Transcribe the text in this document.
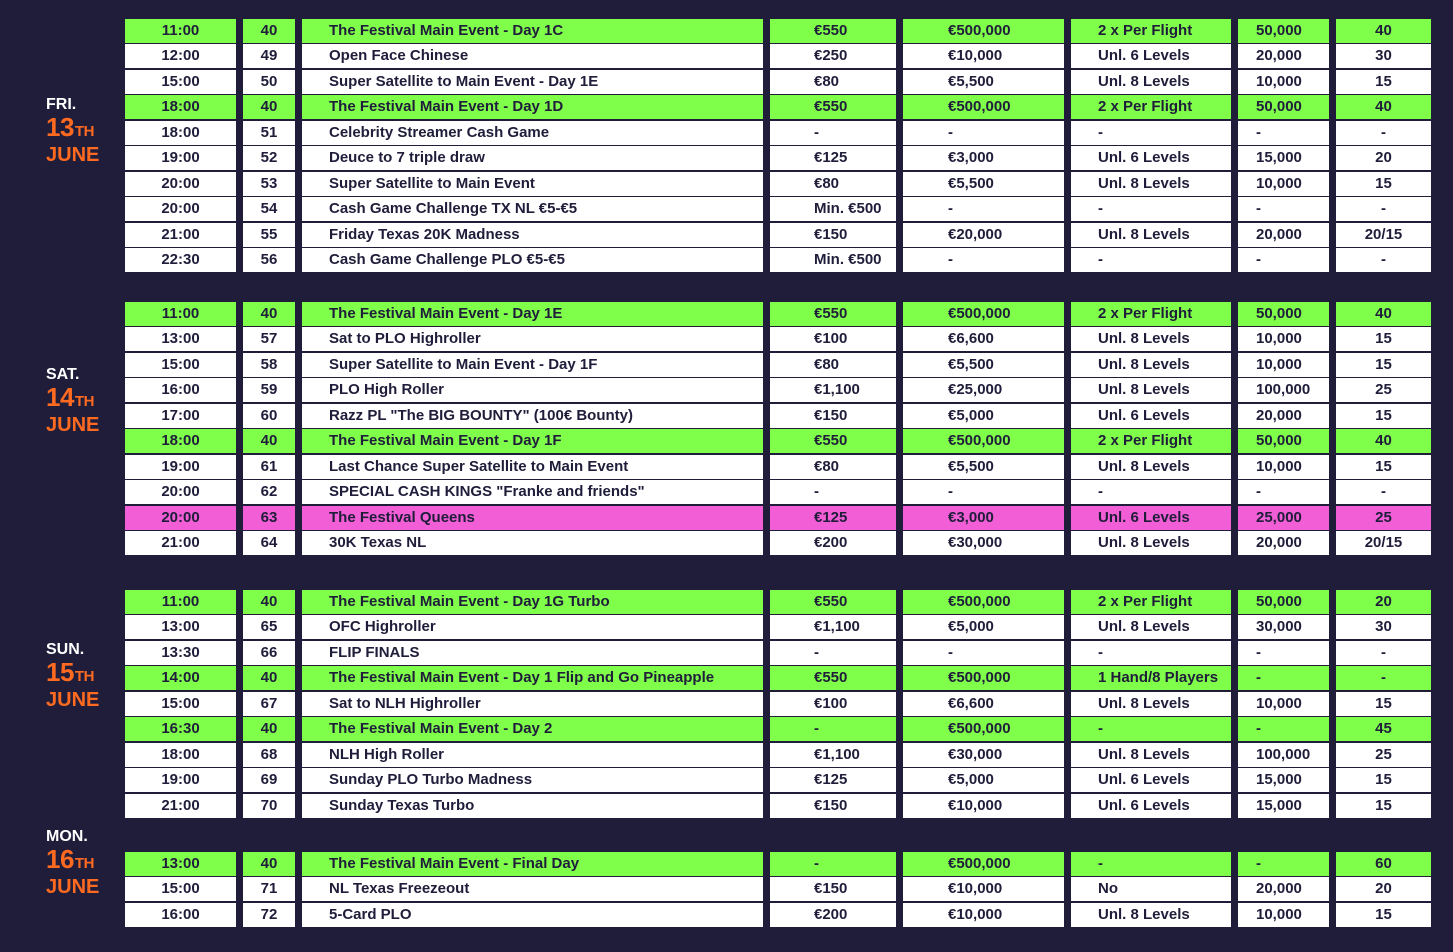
FRI.
13TH
JUNE
11:00	40	The Festival Main Event - Day 1C	€550	€500,000	2 x Per Flight	50,000	40
12:00	49	Open Face Chinese	€250	€10,000	Unl. 6 Levels	20,000	30
15:00	50	Super Satellite to Main Event - Day 1E	€80	€5,500	Unl. 8 Levels	10,000	15
18:00	40	The Festival Main Event - Day 1D	€550	€500,000	2 x Per Flight	50,000	40
18:00	51	Celebrity Streamer Cash Game	-	-	-	-	-
19:00	52	Deuce to 7 triple draw	€125	€3,000	Unl. 6 Levels	15,000	20
20:00	53	Super Satellite to Main Event	€80	€5,500	Unl. 8 Levels	10,000	15
20:00	54	Cash Game Challenge TX NL €5-€5	Min. €500	-	-	-	-
21:00	55	Friday Texas 20K Madness	€150	€20,000	Unl. 8 Levels	20,000	20/15
22:30	56	Cash Game Challenge PLO €5-€5	Min. €500	-	-	-	-
SAT.
14TH
JUNE
11:00	40	The Festival Main Event - Day 1E	€550	€500,000	2 x Per Flight	50,000	40
13:00	57	Sat to PLO Highroller	€100	€6,600	Unl. 8 Levels	10,000	15
15:00	58	Super Satellite to Main Event - Day 1F	€80	€5,500	Unl. 8 Levels	10,000	15
16:00	59	PLO High Roller	€1,100	€25,000	Unl. 8 Levels	100,000	25
17:00	60	Razz PL "The BIG BOUNTY" (100€ Bounty)	€150	€5,000	Unl. 6 Levels	20,000	15
18:00	40	The Festival Main Event - Day 1F	€550	€500,000	2 x Per Flight	50,000	40
19:00	61	Last Chance Super Satellite to Main Event	€80	€5,500	Unl. 8 Levels	10,000	15
20:00	62	SPECIAL CASH KINGS "Franke and friends"	-	-	-	-	-
20:00	63	The Festival Queens	€125	€3,000	Unl. 6 Levels	25,000	25
21:00	64	30K Texas NL	€200	€30,000	Unl. 8 Levels	20,000	20/15
SUN.
15TH
JUNE
11:00	40	The Festival Main Event - Day 1G Turbo	€550	€500,000	2 x Per Flight	50,000	20
13:00	65	OFC Highroller	€1,100	€5,000	Unl. 8 Levels	30,000	30
13:30	66	FLIP FINALS	-	-	-	-	-
14:00	40	The Festival Main Event - Day 1 Flip and Go Pineapple	€550	€500,000	1 Hand/8 Players	-	-
15:00	67	Sat to NLH Highroller	€100	€6,600	Unl. 8 Levels	10,000	15
16:30	40	The Festival Main Event - Day 2	-	€500,000	-	-	45
18:00	68	NLH High Roller	€1,100	€30,000	Unl. 8 Levels	100,000	25
19:00	69	Sunday PLO Turbo Madness	€125	€5,000	Unl. 6 Levels	15,000	15
21:00	70	Sunday Texas Turbo	€150	€10,000	Unl. 6 Levels	15,000	15
MON.
16TH
JUNE
13:00	40	The Festival Main Event - Final Day	-	€500,000	-	-	60
15:00	71	NL Texas Freezeout	€150	€10,000	No	20,000	20
16:00	72	5-Card PLO	€200	€10,000	Unl. 8 Levels	10,000	15
